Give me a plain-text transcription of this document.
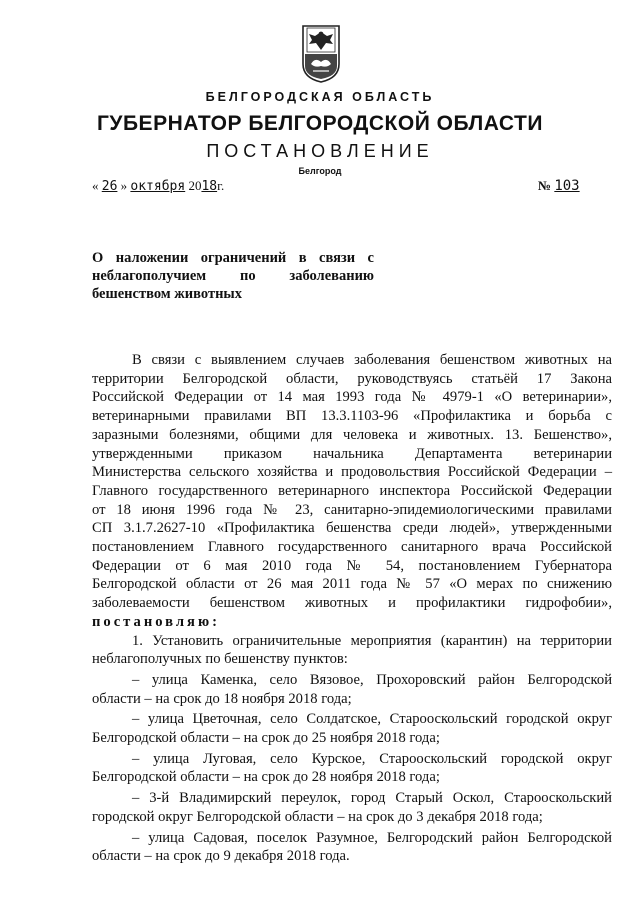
БЕЛГОРОДСКАЯ ОБЛАСТЬ
ГУБЕРНАТОР БЕЛГОРОДСКОЙ ОБЛАСТИ
ПОСТАНОВЛЕНИЕ
Белгород
« 26 » октября 2018г.	№ 103
О наложении ограничений в связи с
неблагополучием по заболеванию
бешенством животных
В связи с выявлением случаев заболевания бешенством животных на
территории Белгородской области, руководствуясь статьёй 17 Закона
Российской Федерации от 14 мая 1993 года № 4979-1 «О ветеринарии»,
ветеринарными правилами ВП 13.3.1103-96 «Профилактика и борьба с
заразными болезнями, общими для человека и животных. 13. Бешенство»,
утвержденными приказом начальника Департамента ветеринарии
Министерства сельского хозяйства и продовольствия Российской Федерации –
Главного государственного ветеринарного инспектора Российской Федерации
от 18 июня 1996 года № 23, санитарно-эпидемиологическими правилами
СП 3.1.7.2627-10 «Профилактика бешенства среди людей», утвержденными
постановлением Главного государственного санитарного врача Российской
Федерации от 6 мая 2010 года № 54, постановлением Губернатора
Белгородской области от 26 мая 2011 года № 57 «О мерах по снижению
заболеваемости бешенством животных и профилактики гидрофобии»,
постановляю:
1. Установить ограничительные мероприятия (карантин) на территории
неблагополучных по бешенству пунктов:
– улица Каменка, село Вязовое, Прохоровский район Белгородской
области – на срок до 18 ноября 2018 года;
– улица Цветочная, село Солдатское, Старооскольский городской округ
Белгородской области – на срок до 25 ноября 2018 года;
– улица Луговая, село Курское, Старооскольский городской округ
Белгородской области – на срок до 28 ноября 2018 года;
– 3-й Владимирский переулок, город Старый Оскол, Старооскольский
городской округ Белгородской области – на срок до 3 декабря 2018 года;
– улица Садовая, поселок Разумное, Белгородский район Белгородской
области – на срок до 9 декабря 2018 года.
